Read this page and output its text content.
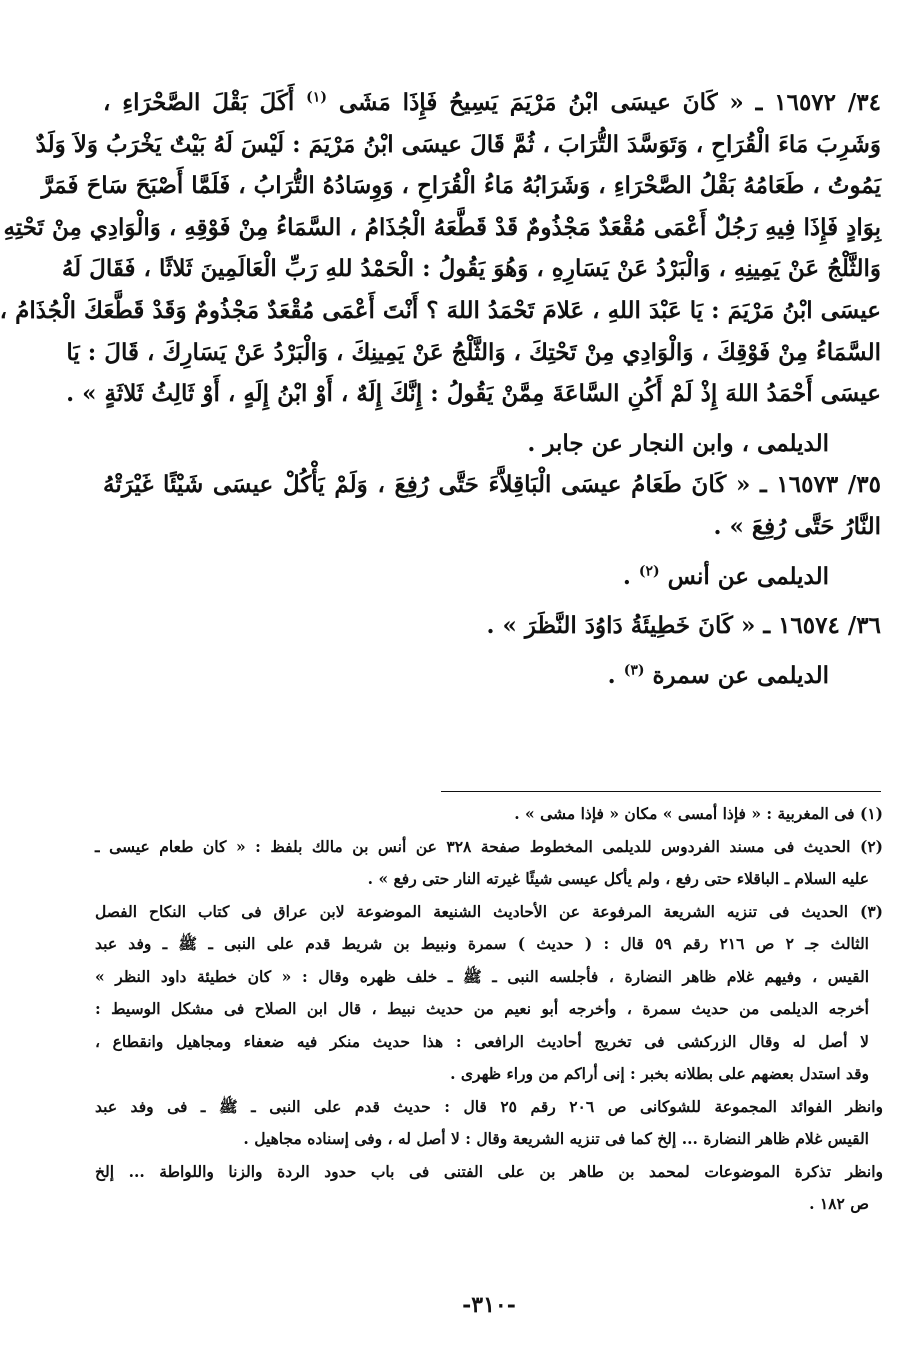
٣٤/ ١٦٥٧٢ ـ « كَانَ عيسَى ابْنُ مَرْيَمَ يَسِيحُ فَإِذَا مَشَى $^{(١)}$ أَكَلَ بَقْلَ الصَّحْرَاءِ ،
وَشَرِبَ مَاءَ الْقُرَاحِ ، وَتَوَسَّدَ التُّرَابَ ، ثُمَّ قَالَ عيسَى ابْنُ مَرْيَمَ : لَيْسَ لَهُ بَيْتٌ يَخْرَبُ وَلاَ وَلَدٌ
يَمُوتُ ، طَعَامُهُ بَقْلُ الصَّحْرَاءِ ، وَشَرَابُهُ مَاءُ الْقُرَاحِ ، وَوِسَادُهُ التُّرَابُ ، فَلَمَّا أَصْبَحَ سَاحَ فَمَرَّ
بِوَادٍ فَإِذَا فِيهِ رَجُلٌ أَعْمَى مُقْعَدٌ مَجْذُومٌ قَدْ قَطَّعَهُ الْجُذَامُ ، السَّمَاءُ مِنْ فَوْقِهِ ، وَالْوَادِي مِنْ تَحْتِهِ
وَالثَّلْجُ عَنْ يَمِينِهِ ، وَالْبَرْدُ عَنْ يَسَارِهِ ، وَهُوَ يَقُولُ : الْحَمْدُ للهِ رَبِّ الْعَالَمِينَ ثَلاثًا ، فَقَالَ لَهُ
عيسَى ابْنُ مَرْيَمَ : يَا عَبْدَ اللهِ ، عَلامَ تَحْمَدُ اللهَ ؟ أَنْتَ أَعْمَى مُقْعَدٌ مَجْذُومٌ وَقَدْ قَطَّعَكَ الْجُذَامُ ،
السَّمَاءُ مِنْ فَوْقِكَ ، وَالْوَادِي مِنْ تَحْتِكَ ، وَالثَّلْجُ عَنْ يَمِينِكَ ، وَالْبَرْدُ عَنْ يَسَارِكَ ، قَالَ : يَا
عيسَى أَحْمَدُ اللهَ إِذْ لَمْ أَكُنِ السَّاعَةَ مِمَّنْ يَقُولُ : إِنَّكَ إِلَهٌ ، أَوْ ابْنُ إِلَهٍ ، أَوْ ثَالِثُ ثَلاثَةٍ » .
الديلمى ، وابن النجار عن جابر .
٣٥/ ١٦٥٧٣ ـ « كَانَ طَعَامُ عيسَى الْبَاقِلاَّءَ حَتَّى رُفِعَ ، وَلَمْ يَأْكُلْ عيسَى شَيْئًا غَيْرَتْهُ
النَّارُ حَتَّى رُفِعَ » .
الديلمى عن أنس $^{(٢)}$ .
٣٦/ ١٦٥٧٤ ـ « كَانَ خَطِيئَةُ دَاوُدَ النَّظَرَ » .
الديلمى عن سمرة $^{(٣)}$ .
(١) فى المغربية : « فإذا أمسى » مكان « فإذا مشى » .
(٢) الحديث فى مسند الفردوس للديلمى المخطوط صفحة ٣٢٨ عن أنس بن مالك بلفظ : « كان طعام عيسى ـ
عليه السلام ـ الباقلاء حتى رفع ، ولم يأكل عيسى شيئًا غيرته النار حتى رفع » .
(٣) الحديث فى تنزيه الشريعة المرفوعة عن الأحاديث الشنيعة الموضوعة لابن عراق فى كتاب النكاح الفصل
الثالث جـ ٢ ص ٢١٦ رقم ٥٩ قال : ( حديث ) سمرة ونبيط بن شريط قدم على النبى ـ ﷺ ـ وفد عبد
القيس ، وفيهم غلام ظاهر النضارة ، فأجلسه النبى ـ ﷺ ـ خلف ظهره وقال : « كان خطيئة داود النظر »
أخرجه الديلمى من حديث سمرة ، وأخرجه أبو نعيم من حديث نبيط ، قال ابن الصلاح فى مشكل الوسيط :
لا أصل له وقال الزركشى فى تخريج أحاديث الرافعى : هذا حديث منكر فيه ضعفاء ومجاهيل وانقطاع ،
وقد استدل بعضهم على بطلانه بخبر : إنى أراكم من وراء ظهرى .
وانظر الفوائد المجموعة للشوكانى ص ٢٠٦ رقم ٢٥ قال : حديث قدم على النبى ـ ﷺ ـ فى وفد عبد
القيس غلام ظاهر النضارة ... إلخ كما فى تنزيه الشريعة وقال : لا أصل له ، وفى إسناده مجاهيل .
وانظر تذكرة الموضوعات لمحمد بن طاهر بن على الفتنى فى باب حدود الردة والزنا واللواطة ... إلخ
ص ١٨٢ .
-٣١٠-
